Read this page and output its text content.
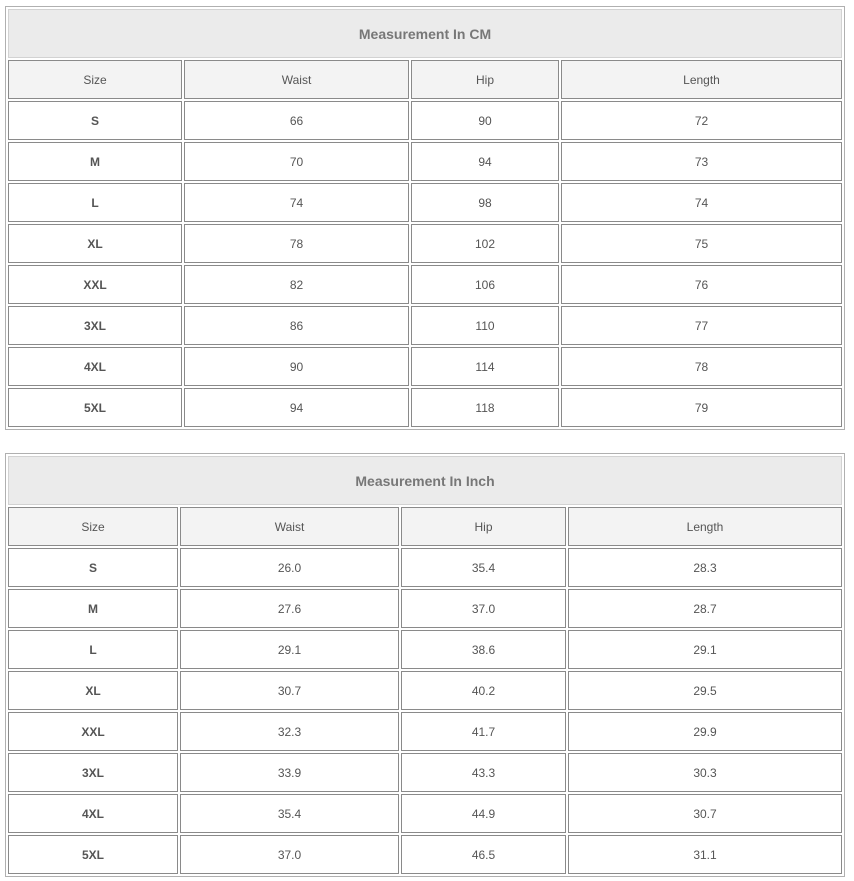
Measurement In CM			
Size	Waist	Hip	Length
S	66	90	72
M	70	94	73
L	74	98	74
XL	78	102	75
XXL	82	106	76
3XL	86	110	77
4XL	90	114	78
5XL	94	118	79
Measurement In Inch			
Size	Waist	Hip	Length
S	26.0	35.4	28.3
M	27.6	37.0	28.7
L	29.1	38.6	29.1
XL	30.7	40.2	29.5
XXL	32.3	41.7	29.9
3XL	33.9	43.3	30.3
4XL	35.4	44.9	30.7
5XL	37.0	46.5	31.1
